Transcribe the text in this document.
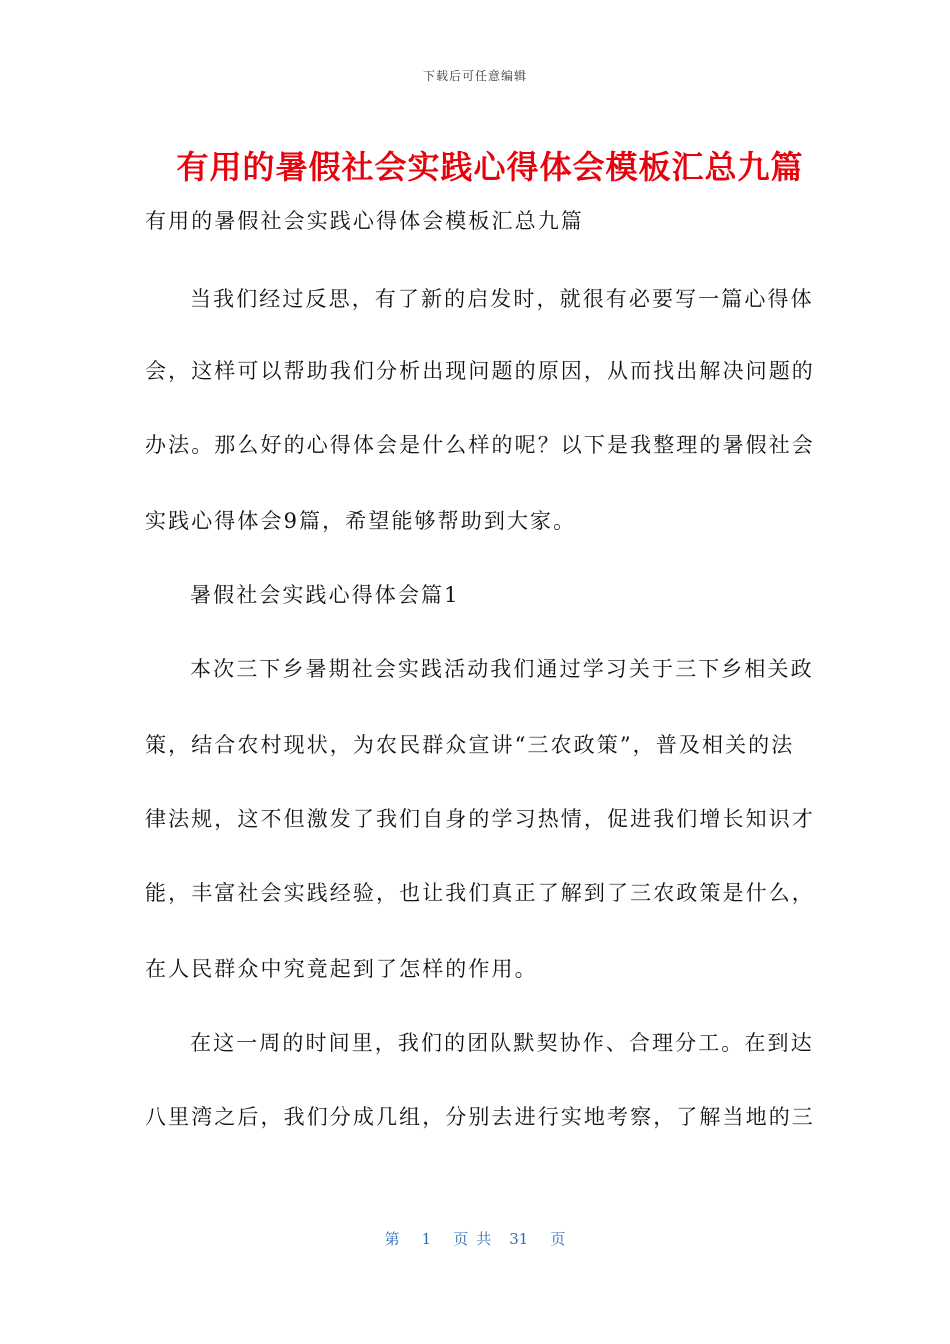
下载后可任意编辑
有用的暑假社会实践心得体会模板汇总九篇
有用的暑假社会实践心得体会模板汇总九篇
当我们经过反思，有了新的启发时，就很有必要写一篇心得体
会，这样可以帮助我们分析出现问题的原因，从而找出解决问题的
办法。那么好的心得体会是什么样的呢？以下是我整理的暑假社会
实践心得体会9篇，希望能够帮助到大家。
暑假社会实践心得体会篇1
本次三下乡暑期社会实践活动我们通过学习关于三下乡相关政
策，结合农村现状，为农民群众宣讲“三农政策”，普及相关的法
律法规，这不但激发了我们自身的学习热情，促进我们增长知识才
能，丰富社会实践经验，也让我们真正了解到了三农政策是什么，
在人民群众中究竟起到了怎样的作用。
在这一周的时间里，我们的团队默契协作、合理分工。在到达
八里湾之后，我们分成几组，分别去进行实地考察，了解当地的三
第 1 页共 31 页
